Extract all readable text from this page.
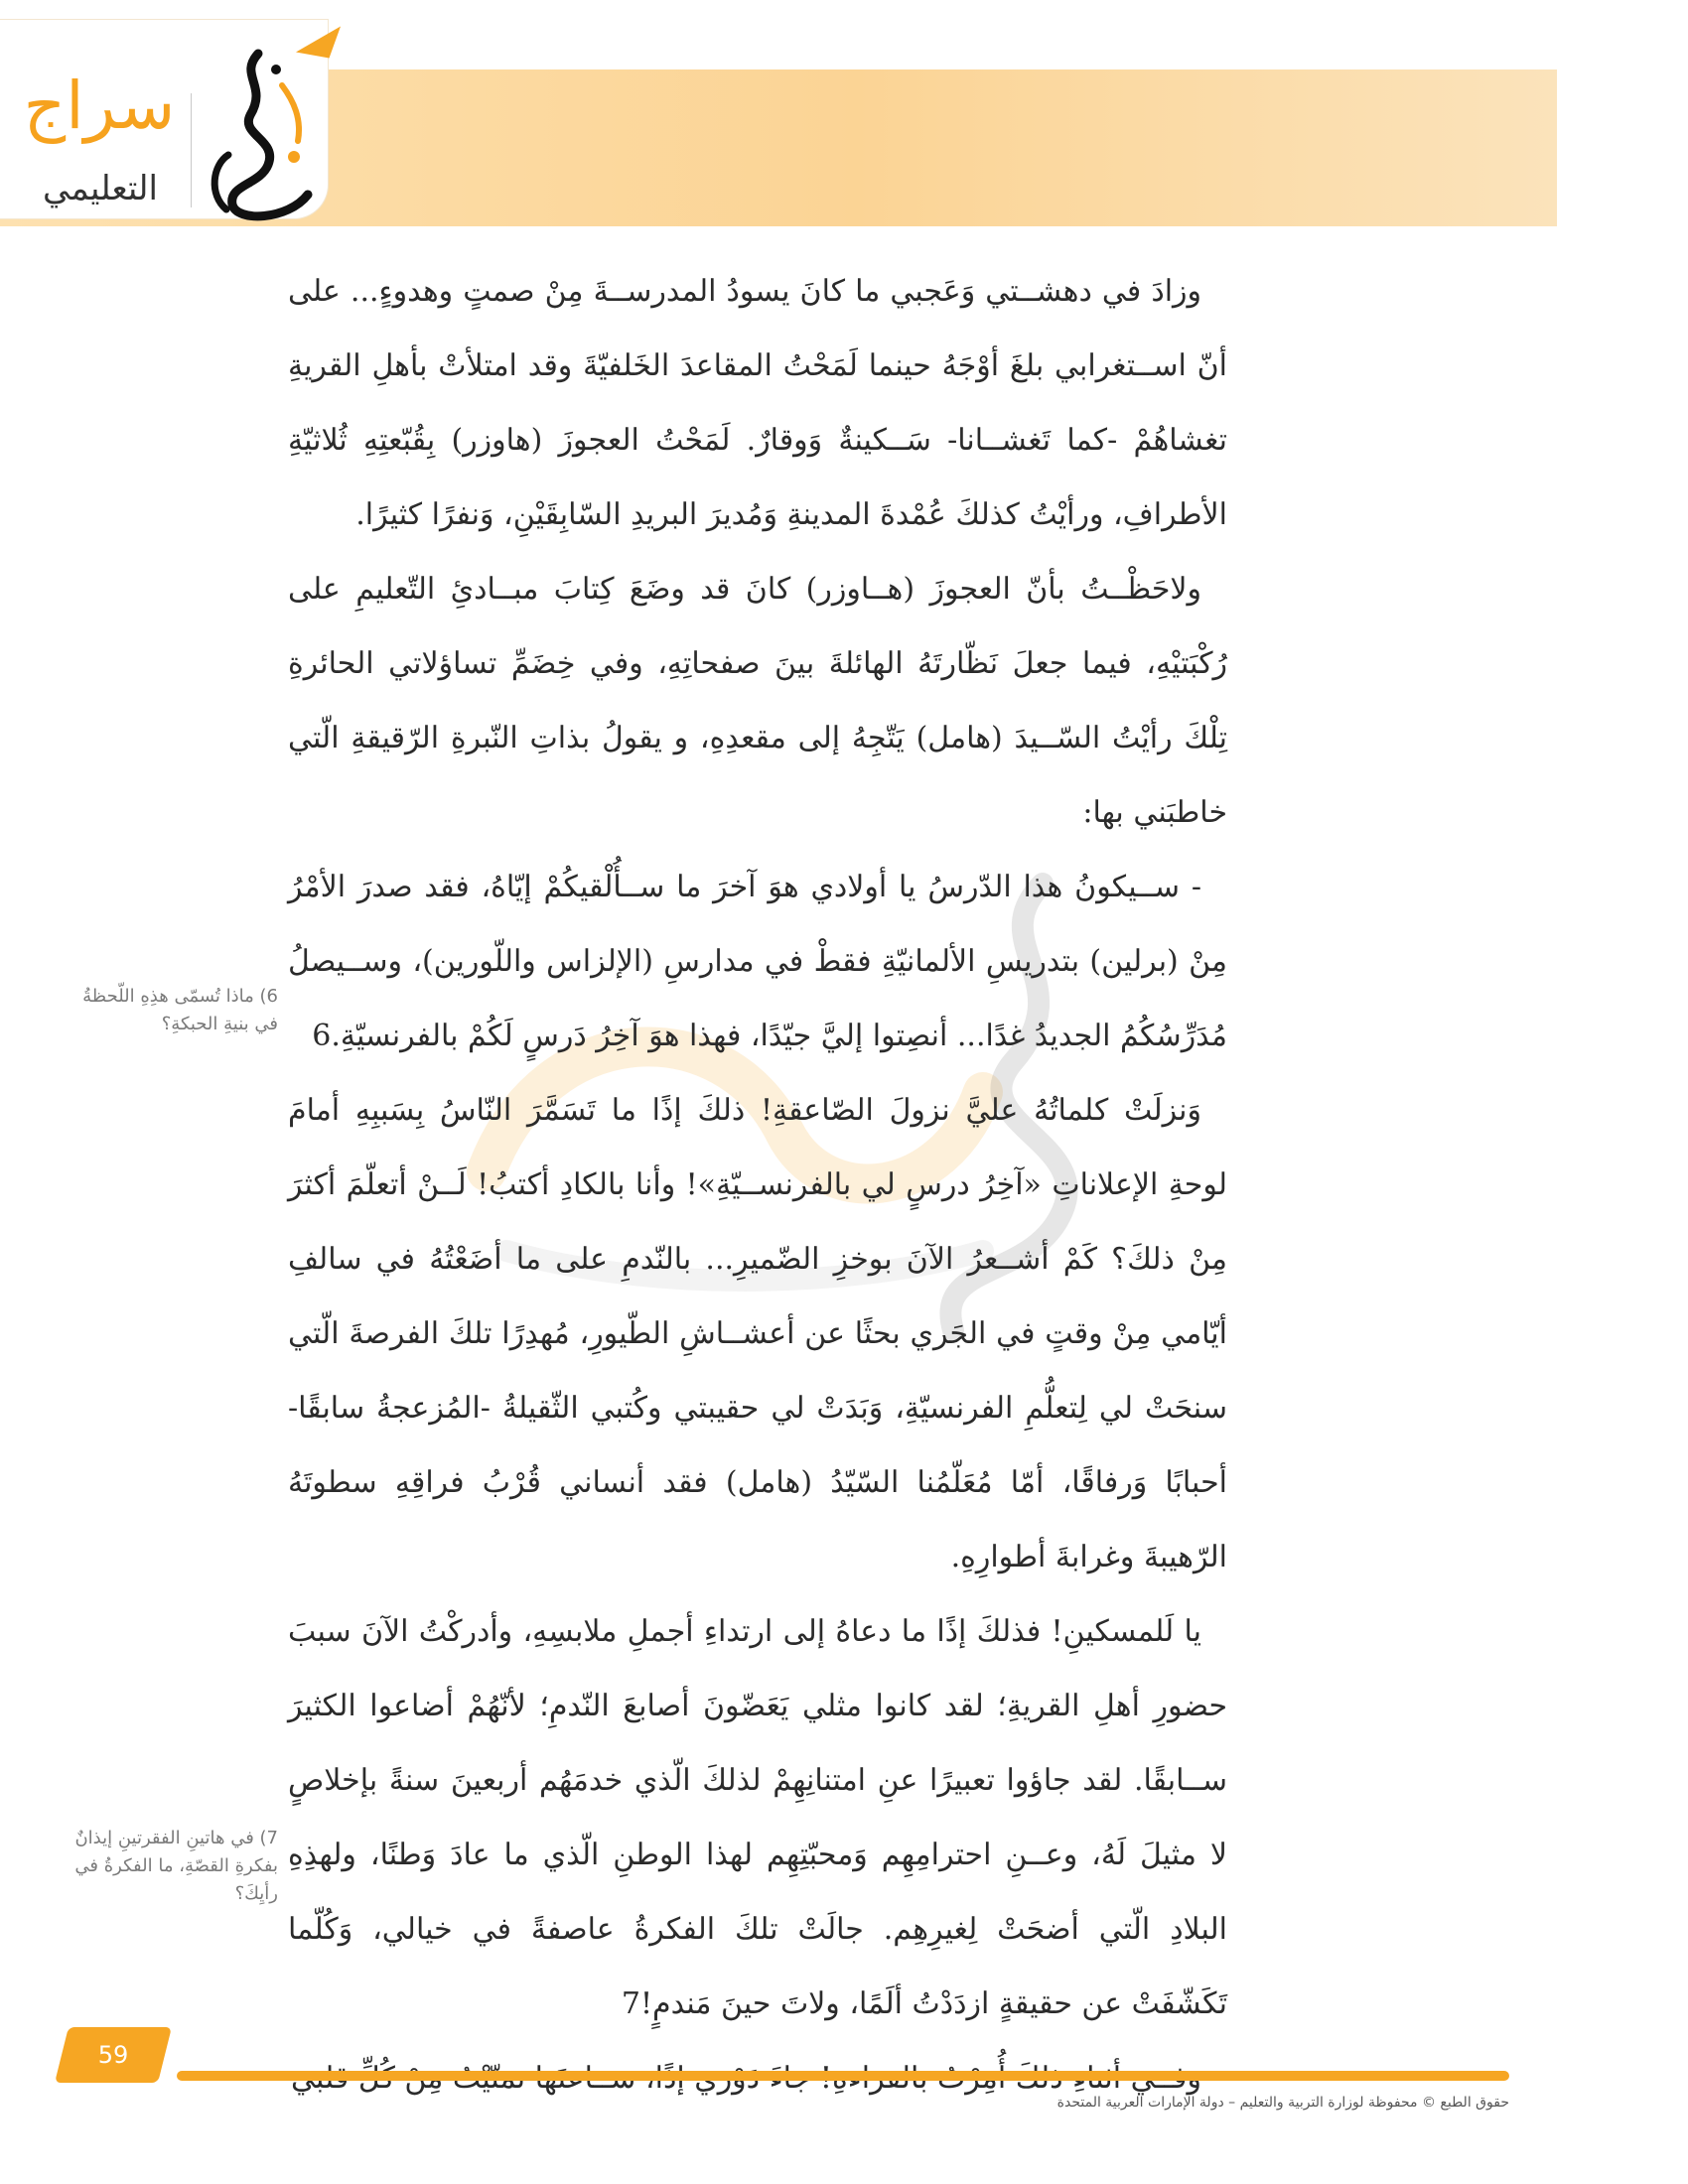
سراج
التعليمي

وزادَ في دهشــتي وَعَجبي ما كانَ يسودُ المدرســةَ مِنْ صمتٍ وهدوءٍ... على أنّ اســتغرابي بلغَ أوْجَهُ حينما لَمَحْتُ المقاعدَ الخَلفيّةَ وقد امتلأتْ بأهلِ القريةِ تغشاهُمْ -كما تَغشــانا- سَــكينةٌ وَوقارٌ. لَمَحْتُ العجوزَ (هاوزر) بِقُبّعتِهِ ثُلاثيّةِ الأطرافِ، ورأيْتُ كذلكَ عُمْدةَ المدينةِ وَمُديرَ البريدِ السّابِقَيْنِ، وَنفرًا كثيرًا.

ولاحَظْــتُ بأنّ العجوزَ (هــاوزر) كانَ قد وضَعَ كِتابَ مبــادئِ التّعليمِ على رُكْبَتيْهِ، فيما جعلَ نَظّارتَهُ الهائلةَ بينَ صفحاتِهِ، وفي خِضَمِّ تساؤلاتي الحائرةِ تِلْكَ رأيْتُ السّــيدَ (هامل) يَتّجِهُ إلى مقعدِهِ، و يقولُ بذاتِ النّبرةِ الرّقيقةِ الّتي خاطبَني بها:

- ســيكونُ هذا الدّرسُ يا أولادي هوَ آخرَ ما ســأُلْقيكُمْ إيّاهُ، فقد صدرَ الأمْرُ مِنْ (برلين) بتدريسِ الألمانيّةِ فقطْ في مدارسِ (الإلزاس واللّورين)، وســيصلُ مُدَرِّسُكُمُ الجديدُ غدًا... أنصِتوا إليَّ جيّدًا، فهذا هوَ آخِرُ دَرسٍ لَكُمْ بالفرنسيّةِ.6

وَنزلَتْ كلماتُهُ عليَّ نزولَ الصّاعقةِ! ذلكَ إذًا ما تَسَمَّرَ النّاسُ بِسَببِهِ أمامَ لوحةِ الإعلاناتِ «آخِرُ درسٍ لي بالفرنســيّةِ»! وأنا بالكادِ أكتبُ! لَــنْ أتعلّمَ أكثرَ مِنْ ذلكَ؟ كَمْ أشــعرُ الآنَ بوخزِ الضّميرِ... بالنّدمِ على ما أضَعْتُهُ في سالفِ أيّامي مِنْ وقتٍ في الجَري بحثًا عن أعشــاشِ الطّيورِ، مُهدِرًا تلكَ الفرصةَ الّتي سنحَتْ لي لِتعلُّمِ الفرنسيّةِ، وَبَدَتْ لي حقيبتي وكُتبي الثّقيلةُ -المُزعجةُ سابقًا- أحبابًا وَرفاقًا، أمّا مُعَلّمُنا السّيّدُ (هامل) فقد أنساني قُرْبُ فراقِهِ سطوتَهُ الرّهيبةَ وغرابةَ أطوارِهِ.

يا لَلمسكينِ! فذلكَ إذًا ما دعاهُ إلى ارتداءِ أجملِ ملابسِهِ، وأدركْتُ الآنَ سببَ حضورِ أهلِ القريةِ؛ لقد كانوا مثلي يَعَضّونَ أصابعَ النّدمِ؛ لأنّهُمْ أضاعوا الكثيرَ ســابقًا. لقد جاؤوا تعبيرًا عنِ امتنانِهِمْ لذلكَ الّذي خدمَهُم أربعينَ سنةً بإخلاصٍ لا مثيلَ لَهُ، وعــنِ احترامِهِم وَمحبّتِهِم لهذا الوطنِ الّذي ما عادَ وَطنًا، ولهذِهِ البلادِ الّتي أضحَتْ لِغيرِهِم. جالَتْ تلكَ الفكرةُ عاصفةً في خيالي، وَكُلّما تَكَشّفَتْ عن حقيقةٍ ازدَدْتُ ألَمًا، ولاتَ حينَ مَندمٍ!7

6) ماذا تُسمّى هذِهِ اللّحظةُ في بنيةِ الحبكةِ؟
7) في هاتينِ الفقرتينِ إيذانٌ بفكرةِ القصّةِ، ما الفكرةُ في رأيِكَ؟
59
حقوق الطبع © محفوظة لوزارة التربية والتعليم – دولة الإمارات العربية المتحدة
